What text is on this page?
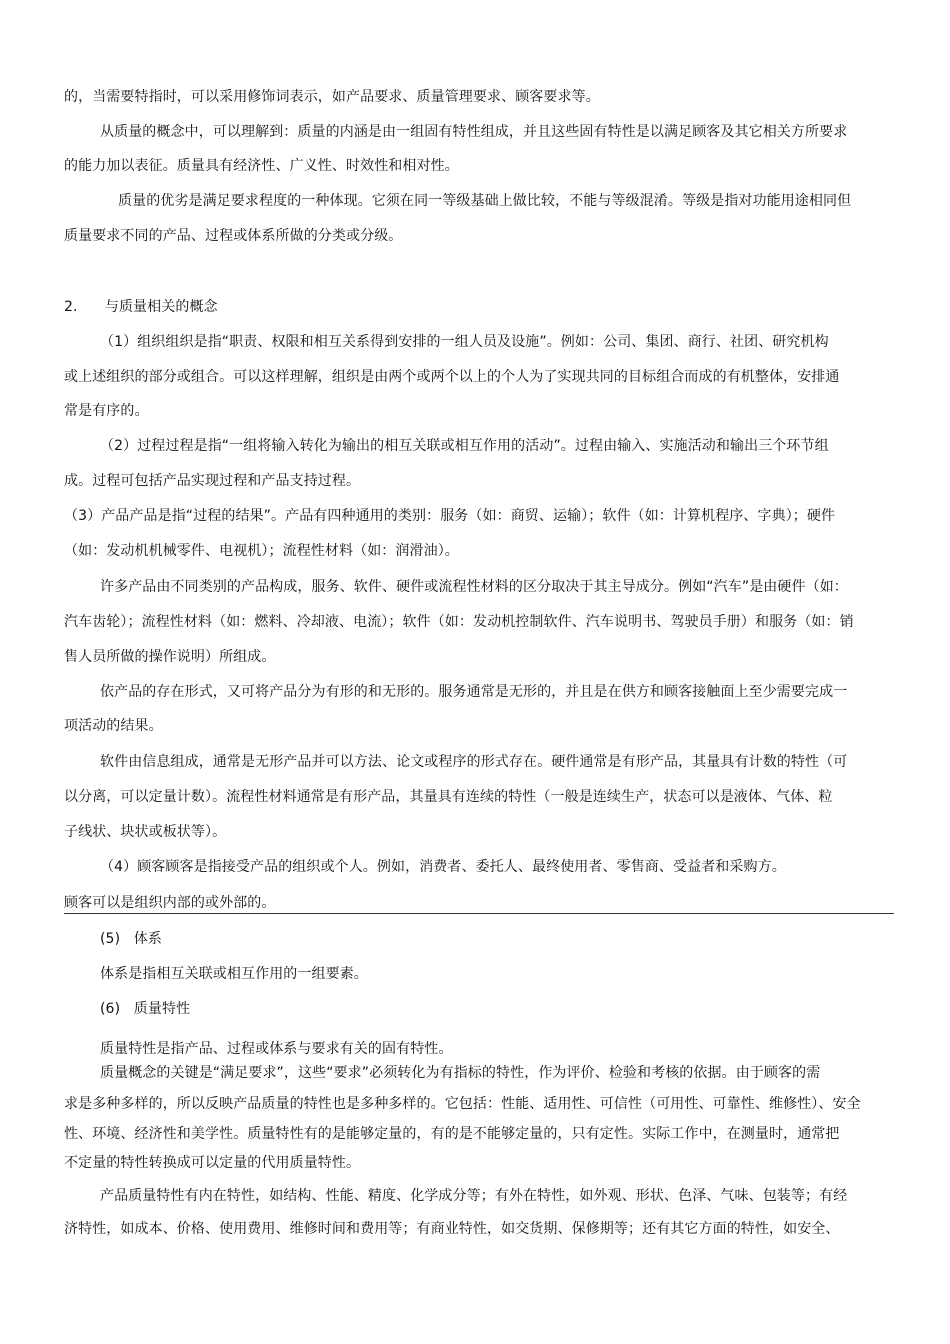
的，当需要特指时，可以采用修饰词表示，如产品要求、质量管理要求、顾客要求等。

从质量的概念中，可以理解到：质量的内涵是由一组固有特性组成，并且这些固有特性是以满足顾客及其它相关方所要求

的能力加以表征。质量具有经济性、广义性、时效性和相对性。

质量的优劣是满足要求程度的一种体现。它须在同一等级基础上做比较，不能与等级混淆。等级是指对功能用途相同但

质量要求不同的产品、过程或体系所做的分类或分级。

2.      与质量相关的概念

（1）组织组织是指“职责、权限和相互关系得到安排的一组人员及设施”。例如：公司、集团、商行、社团、研究机构

或上述组织的部分或组合。可以这样理解，组织是由两个或两个以上的个人为了实现共同的目标组合而成的有机整体，安排通

常是有序的。

（2）过程过程是指“一组将输入转化为输出的相互关联或相互作用的活动”。过程由输入、实施活动和输出三个环节组

成。过程可包括产品实现过程和产品支持过程。

（3）产品产品是指“过程的结果”。产品有四种通用的类别：服务（如：商贸、运输）；软件（如：计算机程序、字典）；硬件

（如：发动机机械零件、电视机）；流程性材料（如：润滑油）。

许多产品由不同类别的产品构成，服务、软件、硬件或流程性材料的区分取决于其主导成分。例如“汽车”是由硬件（如：

汽车齿轮）；流程性材料（如：燃料、冷却液、电流）；软件（如：发动机控制软件、汽车说明书、驾驶员手册）和服务（如：销

售人员所做的操作说明）所组成。

依产品的存在形式，又可将产品分为有形的和无形的。服务通常是无形的，并且是在供方和顾客接触面上至少需要完成一

项活动的结果。

软件由信息组成，通常是无形产品并可以方法、论文或程序的形式存在。硬件通常是有形产品，其量具有计数的特性（可

以分离，可以定量计数）。流程性材料通常是有形产品，其量具有连续的特性（一般是连续生产，状态可以是液体、气体、粒

子线状、块状或板状等）。

（4）顾客顾客是指接受产品的组织或个人。例如，消费者、委托人、最终使用者、零售商、受益者和采购方。

顾客可以是组织内部的或外部的。

(5)   体系

体系是指相互关联或相互作用的一组要素。

(6)   质量特性

质量特性是指产品、过程或体系与要求有关的固有特性。

质量概念的关键是“满足要求”，这些“要求”必须转化为有指标的特性，作为评价、检验和考核的依据。由于顾客的需

求是多种多样的，所以反映产品质量的特性也是多种多样的。它包括：性能、适用性、可信性（可用性、可靠性、维修性）、安全

性、环境、经济性和美学性。质量特性有的是能够定量的，有的是不能够定量的，只有定性。实际工作中，在测量时，通常把

不定量的特性转换成可以定量的代用质量特性。

产品质量特性有内在特性，如结构、性能、精度、化学成分等；有外在特性，如外观、形状、色泽、气味、包装等；有经

济特性，如成本、价格、使用费用、维修时间和费用等；有商业特性，如交货期、保修期等；还有其它方面的特性，如安全、
